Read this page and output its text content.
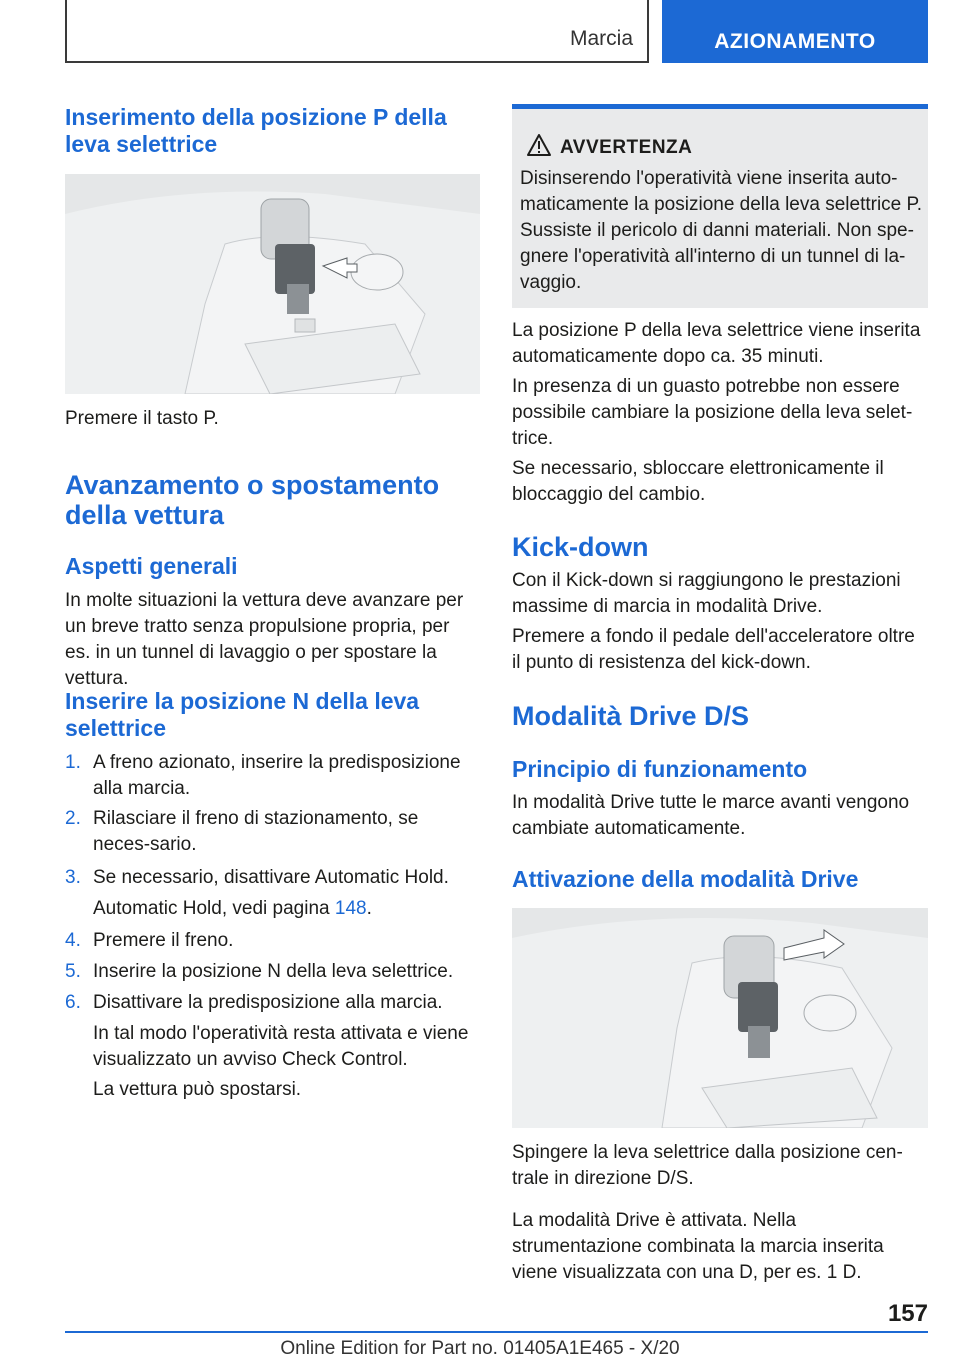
Marcia	AZIONAMENTO
Inserimento della posizione P della leva selettrice
Premere il tasto P.
Avanzamento o spostamento della vettura
Aspetti generali
In molte situazioni la vettura deve avanzare per un breve tratto senza propulsione propria, per es. in un tunnel di lavaggio o per spostare la vettura.
Inserire la posizione N della leva selettrice
1. A freno azionato, inserire la predisposizione alla marcia.
2. Rilasciare il freno di stazionamento, se neces-sario.
3. Se necessario, disattivare Automatic Hold.
Automatic Hold, vedi pagina 148.
4. Premere il freno.
5. Inserire la posizione N della leva selettrice.
6. Disattivare la predisposizione alla marcia.
In tal modo l'operatività resta attivata e viene visualizzato un avviso Check Control.
La vettura può spostarsi.
AVVERTENZA
Disinserendo l'operatività viene inserita auto-maticamente la posizione della leva selettrice P. Sussiste il pericolo di danni materiali. Non spe-gnere l'operatività all'interno di un tunnel di la-vaggio.
La posizione P della leva selettrice viene inserita automaticamente dopo ca. 35 minuti.
In presenza di un guasto potrebbe non essere possibile cambiare la posizione della leva selet-trice.
Se necessario, sbloccare elettronicamente il bloccaggio del cambio.
Kick-down
Con il Kick-down si raggiungono le prestazioni massime di marcia in modalità Drive.
Premere a fondo il pedale dell'acceleratore oltre il punto di resistenza del kick-down.
Modalità Drive D/S
Principio di funzionamento
In modalità Drive tutte le marce avanti vengono cambiate automaticamente.
Attivazione della modalità Drive
Spingere la leva selettrice dalla posizione cen-trale in direzione D/S.
La modalità Drive è attivata. Nella strumentazione combinata la marcia inserita viene visualizzata con una D, per es. 1 D.
157
Online Edition for Part no. 01405A1E465 - X/20
